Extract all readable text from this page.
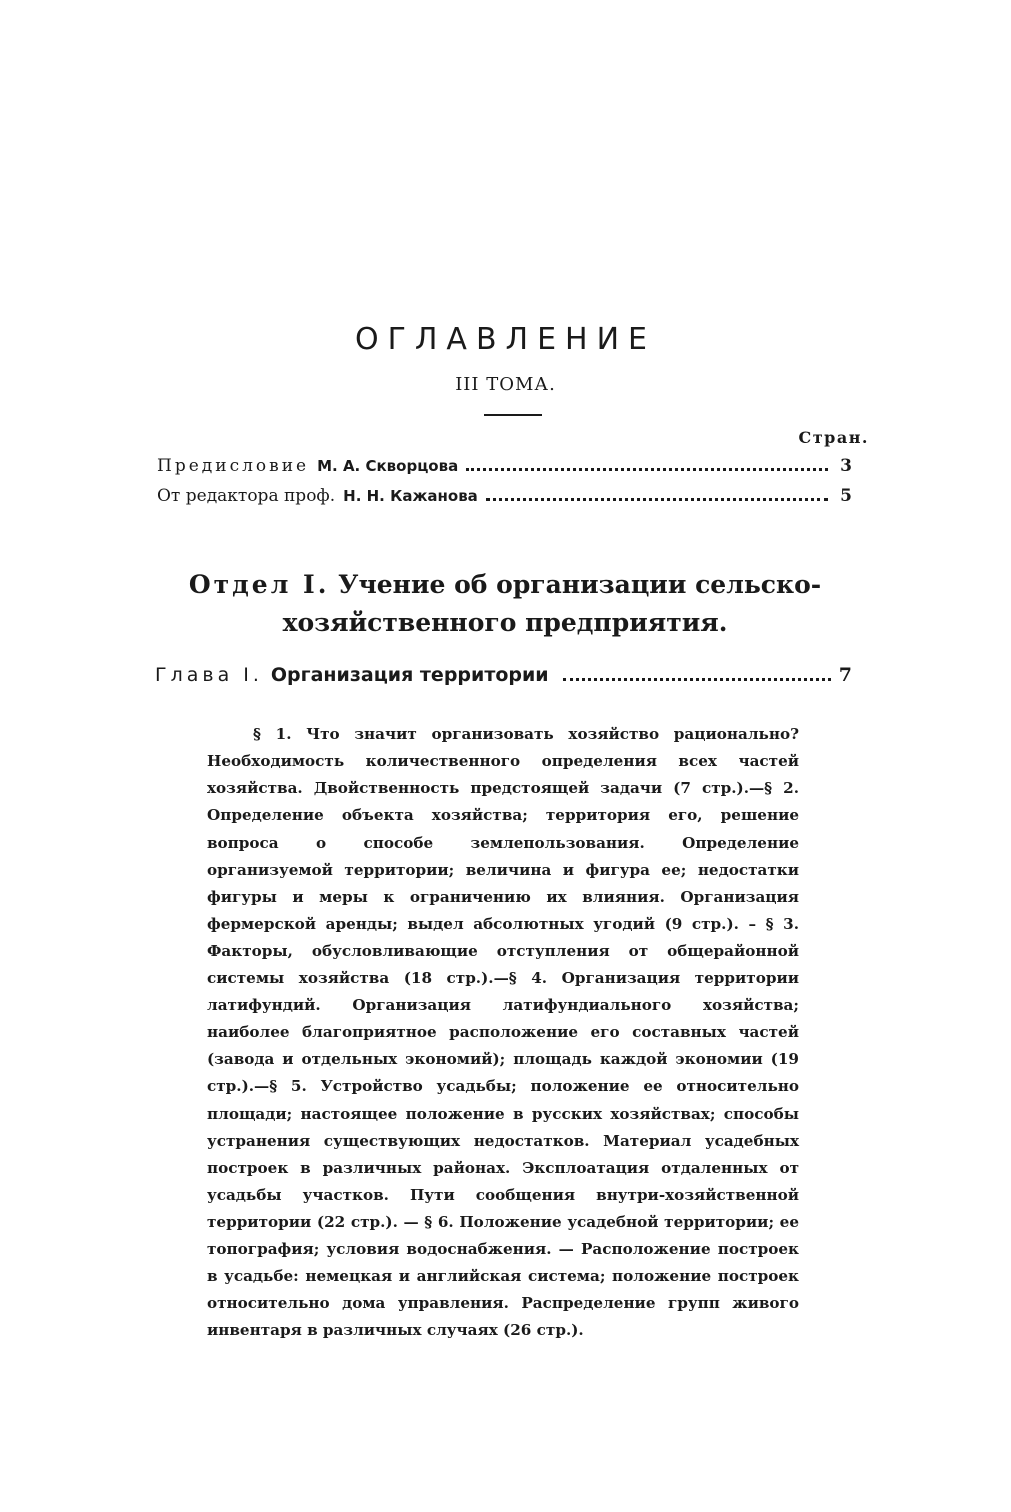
ОГЛАВЛЕНИЕ
III ТОМА.
Стран.
Предисловие М. А. Скворцова	3
От редактора проф. Н. Н. Кажанова	5
Отдел I. Учение об организации сельско-хозяйственного предприятия.
Глава I. Организация территории	7

§ 1. Что значит организовать хозяйство рационально? Необходимость количественного определения всех частей хозяйства. Двойственность предстоящей задачи (7 стр.).—§ 2. Определение объекта хозяйства; территория его, решение вопроса о способе землепользования. Определение организуемой территории; величина и фигура ее; недостатки фигуры и меры к ограничению их влияния. Организация фермерской аренды; выдел абсолютных угодий (9 стр.). – § 3. Факторы, обусловливающие отступления от общерайонной системы хозяйства (18 стр.).—§ 4. Организация территории латифундий. Организация латифундиального хозяйства; наиболее благоприятное расположение его составных частей (завода и отдельных экономий); площадь каждой экономии (19 стр.).—§ 5. Устройство усадьбы; положение ее относительно площади; настоящее положение в русских хозяйствах; способы устранения существующих недостатков. Материал усадебных построек в различных районах. Эксплоатация отдаленных от усадьбы участков. Пути сообщения внутри-хозяйственной территории (22 стр.). — § 6. Положение усадебной территории; ее топография; условия водоснабжения. — Расположение построек в усадьбе: немецкая и английская система; положение построек относительно дома управления. Распределение групп живого инвентаря в различных случаях (26 стр.).
